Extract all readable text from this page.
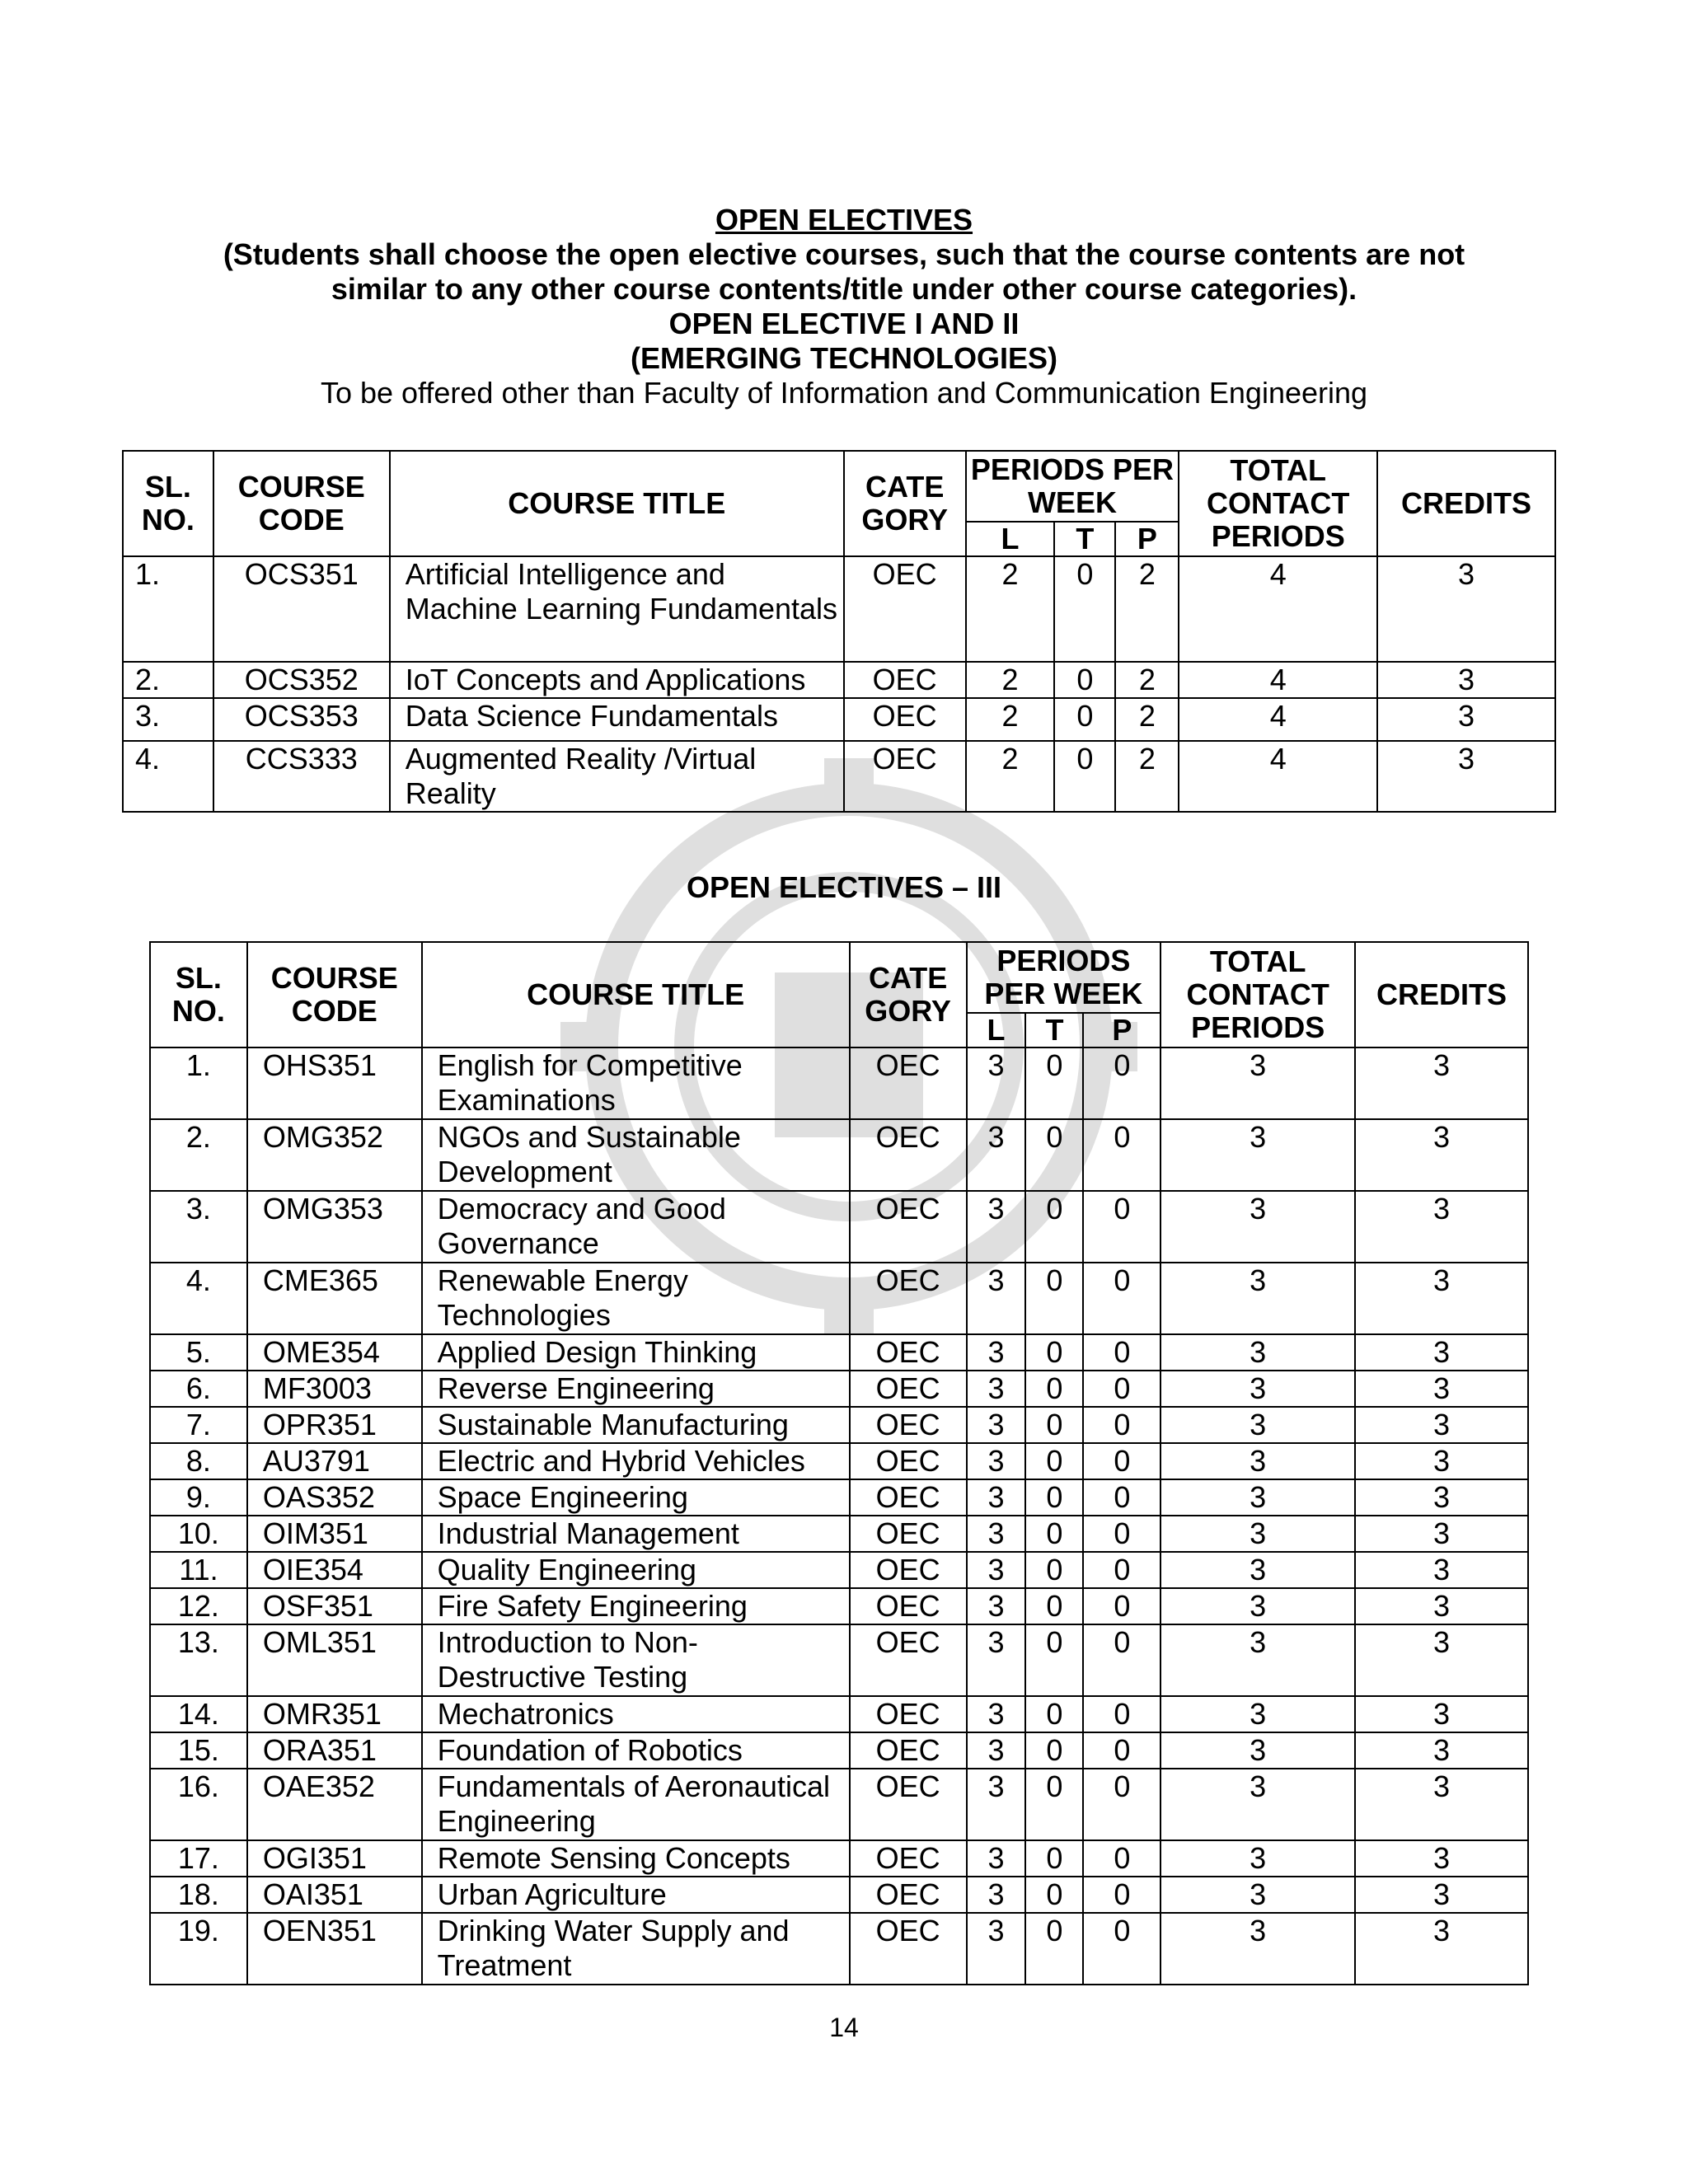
OPEN ELECTIVES
(Students shall choose the open elective courses, such that the course contents are not
similar to any other course contents/title under other course categories).
OPEN ELECTIVE I AND II
(EMERGING TECHNOLOGIES)
To be offered other than Faculty of Information and Communication Engineering
SL. NO.	COURSE CODE	COURSE TITLE	CATE GORY	PERIODS PER WEEK			TOTAL CONTACT PERIODS	CREDITS
				L	T	P		
1.	OCS351	Artificial Intelligence and Machine Learning Fundamentals	OEC	2	0	2	4	3
2.	OCS352	IoT Concepts and Applications	OEC	2	0	2	4	3
3.	OCS353	Data Science Fundamentals	OEC	2	0	2	4	3
4.	CCS333	Augmented Reality /Virtual Reality	OEC	2	0	2	4	3
OPEN ELECTIVES – III
SL. NO.	COURSE CODE	COURSE TITLE	CATE GORY	PERIODS PER WEEK			TOTAL CONTACT PERIODS	CREDITS
				L	T	P		
1.	OHS351	English for Competitive Examinations	OEC	3	0	0	3	3
2.	OMG352	NGOs and Sustainable Development	OEC	3	0	0	3	3
3.	OMG353	Democracy and Good Governance	OEC	3	0	0	3	3
4.	CME365	Renewable Energy Technologies	OEC	3	0	0	3	3
5.	OME354	Applied Design Thinking	OEC	3	0	0	3	3
6.	MF3003	Reverse Engineering	OEC	3	0	0	3	3
7.	OPR351	Sustainable Manufacturing	OEC	3	0	0	3	3
8.	AU3791	Electric and Hybrid Vehicles	OEC	3	0	0	3	3
9.	OAS352	Space Engineering	OEC	3	0	0	3	3
10.	OIM351	Industrial Management	OEC	3	0	0	3	3
11.	OIE354	Quality Engineering	OEC	3	0	0	3	3
12.	OSF351	Fire Safety Engineering	OEC	3	0	0	3	3
13.	OML351	Introduction to Non-Destructive Testing	OEC	3	0	0	3	3
14.	OMR351	Mechatronics	OEC	3	0	0	3	3
15.	ORA351	Foundation of Robotics	OEC	3	0	0	3	3
16.	OAE352	Fundamentals of Aeronautical Engineering	OEC	3	0	0	3	3
17.	OGI351	Remote Sensing Concepts	OEC	3	0	0	3	3
18.	OAI351	Urban Agriculture	OEC	3	0	0	3	3
19.	OEN351	Drinking Water Supply and Treatment	OEC	3	0	0	3	3
14
